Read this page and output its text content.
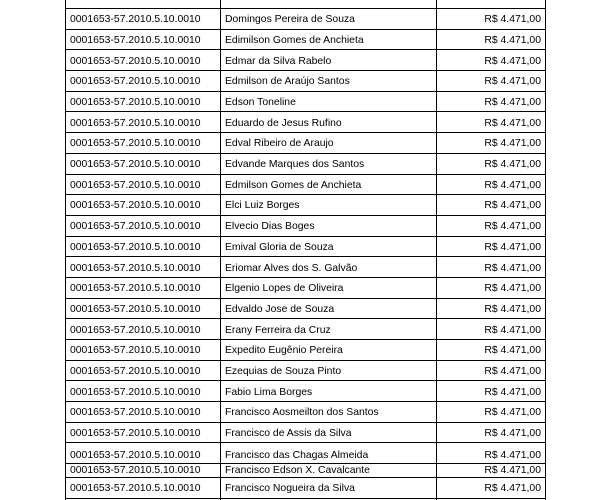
0001653-57.2010.5.10.0010	Domingos Pereira de Souza	R$ 4.471,00
0001653-57.2010.5.10.0010	Edimilson Gomes de Anchieta	R$ 4.471,00
0001653-57.2010.5.10.0010	Edmar da Silva Rabelo	R$ 4.471,00
0001653-57.2010.5.10.0010	Edmilson de Araújo Santos	R$ 4.471,00
0001653-57.2010.5.10.0010	Edson Toneline	R$ 4.471,00
0001653-57.2010.5.10.0010	Eduardo de Jesus Rufino	R$ 4.471,00
0001653-57.2010.5.10.0010	Edval Ribeiro de Araujo	R$ 4.471,00
0001653-57.2010.5.10.0010	Edvande Marques dos Santos	R$ 4.471,00
0001653-57.2010.5.10.0010	Edmilson Gomes de Anchieta	R$ 4.471,00
0001653-57.2010.5.10.0010	Elci Luiz Borges	R$ 4.471,00
0001653-57.2010.5.10.0010	Elvecio Dias Boges	R$ 4.471,00
0001653-57.2010.5.10.0010	Emival Gloria de Souza	R$ 4.471,00
0001653-57.2010.5.10.0010	Eriomar Alves dos S. Galvão	R$ 4.471,00
0001653-57.2010.5.10.0010	Elgenio Lopes de Oliveira	R$ 4.471,00
0001653-57.2010.5.10.0010	Edvaldo Jose de Souza	R$ 4.471,00
0001653-57.2010.5.10.0010	Erany Ferreira da Cruz	R$ 4.471,00
0001653-57.2010.5.10.0010	Expedito Eugênio Pereira	R$ 4.471,00
0001653-57.2010.5.10.0010	Ezequias de Souza Pinto	R$ 4.471,00
0001653-57.2010.5.10.0010	Fabio Lima Borges	R$ 4.471,00
0001653-57.2010.5.10.0010	Francisco Aosmeilton dos Santos	R$ 4.471,00
0001653-57.2010.5.10.0010	Francisco de Assis da Silva	R$ 4.471,00
0001653-57.2010.5.10.0010	Francisco das Chagas Almeida	R$ 4.471,00
0001653-57.2010.5.10.0010	Francisco Edson X. Cavalcante	R$ 4.471,00
0001653-57.2010.5.10.0010	Francisco Nogueira da Silva	R$ 4.471,00
